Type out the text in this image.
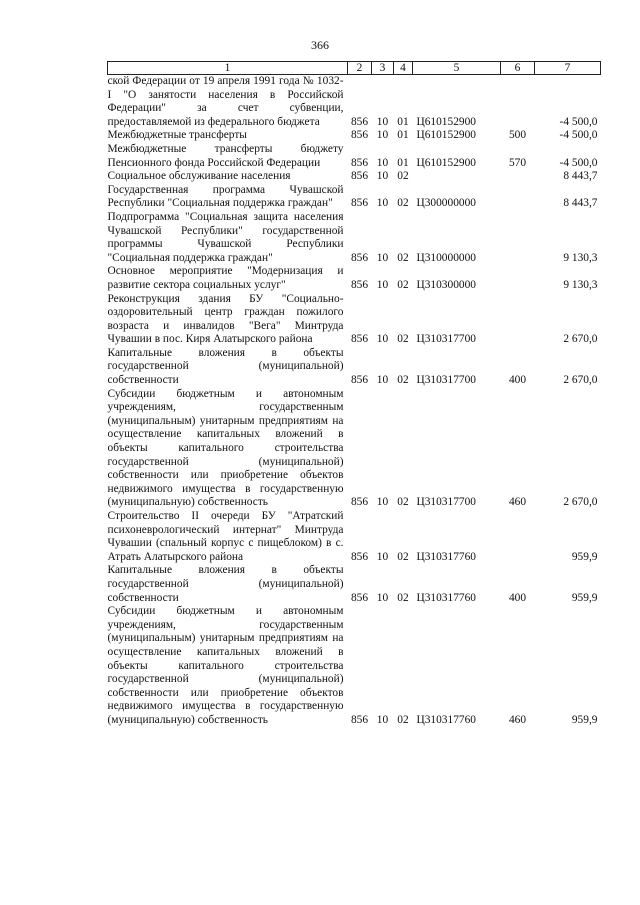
366
1	2	3	4	5	6	7
ской Федерации от 19 апреля 1991 года № 1032-I "О занятости населения в Российской Федерации" за счет субвенции, предоставляемой из федерального бюджета	856	10	01	Ц610152900		-4 500,0
Межбюджетные трансферты	856	10	01	Ц610152900	500	-4 500,0
Межбюджетные трансферты бюджету Пенсионного фонда Российской Федерации	856	10	01	Ц610152900	570	-4 500,0
Социальное обслуживание населения	856	10	02			8 443,7
Государственная программа Чувашской Республики "Социальная поддержка граждан"	856	10	02	Ц300000000		8 443,7
Подпрограмма "Социальная защита населения Чувашской Республики" государственной программы Чувашской Республики "Социальная поддержка граждан"	856	10	02	Ц310000000		9 130,3
Основное мероприятие "Модернизация и развитие сектора социальных услуг"	856	10	02	Ц310300000		9 130,3
Реконструкция здания БУ "Социально-оздоровительный центр граждан пожилого возраста и инвалидов "Вега" Минтруда Чувашии в пос. Киря Алатырского района	856	10	02	Ц310317700		2 670,0
Капитальные вложения в объекты государственной (муниципальной) собственности	856	10	02	Ц310317700	400	2 670,0
Субсидии бюджетным и автономным учреждениям, государственным (муниципальным) унитарным предприятиям на осуществление капитальных вложений в объекты капитального строительства государственной (муниципальной) собственности или приобретение объектов недвижимого имущества в государственную (муниципальную) собственность	856	10	02	Ц310317700	460	2 670,0
Строительство II очереди БУ "Атратский психоневрологический интернат" Минтруда Чувашии (спальный корпус с пищеблоком) в с. Атрать Алатырского района	856	10	02	Ц310317760		959,9
Капитальные вложения в объекты государственной (муниципальной) собственности	856	10	02	Ц310317760	400	959,9
Субсидии бюджетным и автономным учреждениям, государственным (муниципальным) унитарным предприятиям на осуществление капитальных вложений в объекты капитального строительства государственной (муниципальной) собственности или приобретение объектов недвижимого имущества в государственную (муниципальную) собственность	856	10	02	Ц310317760	460	959,9
